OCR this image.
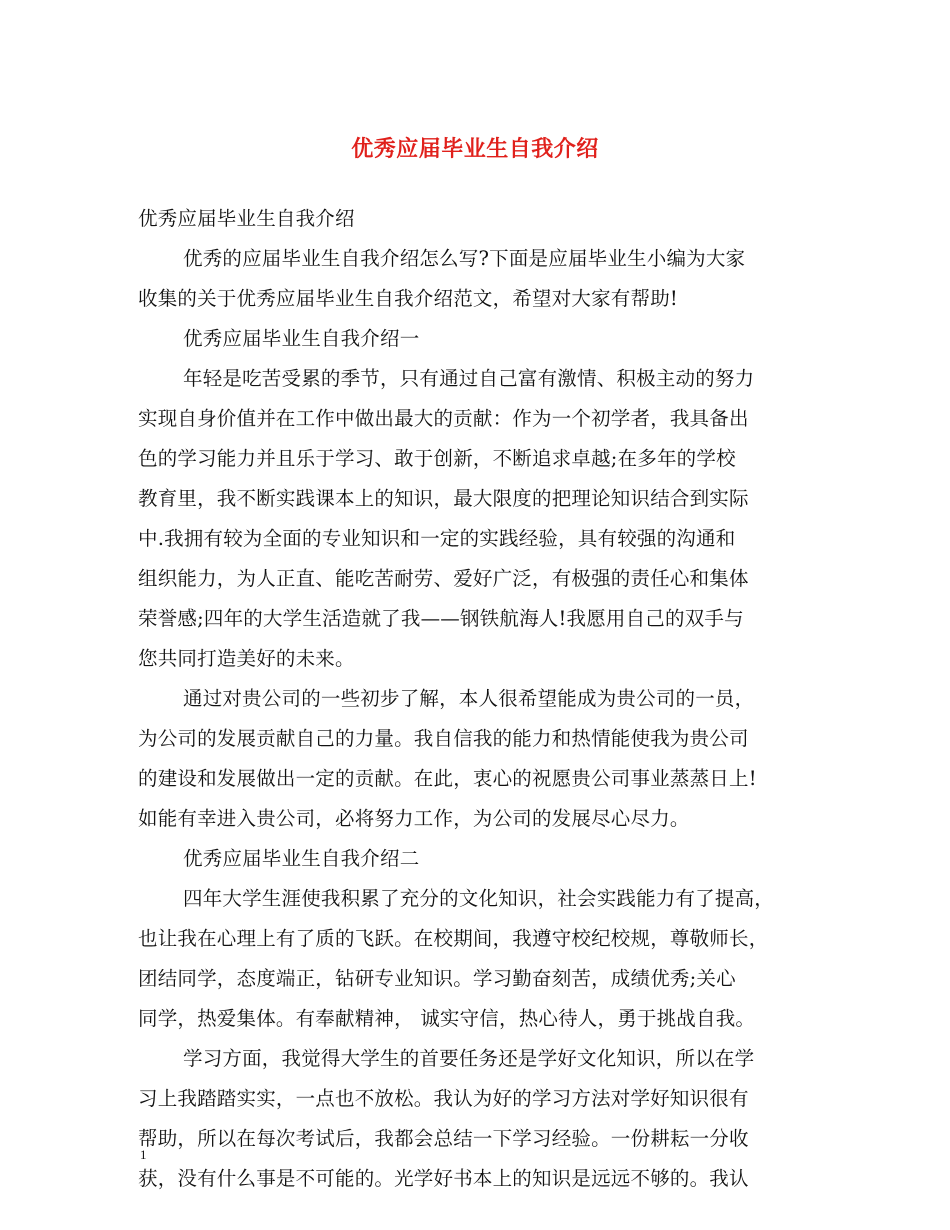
优秀应届毕业生自我介绍
优秀应届毕业生自我介绍
优秀的应届毕业生自我介绍怎么写?下面是应届毕业生小编为大家
收集的关于优秀应届毕业生自我介绍范文，希望对大家有帮助!
优秀应届毕业生自我介绍一
年轻是吃苦受累的季节，只有通过自己富有激情、积极主动的努力
实现自身价值并在工作中做出最大的贡献：作为一个初学者，我具备出
色的学习能力并且乐于学习、敢于创新，不断追求卓越;在多年的学校
教育里，我不断实践课本上的知识，最大限度的把理论知识结合到实际
中.我拥有较为全面的专业知识和一定的实践经验，具有较强的沟通和
组织能力，为人正直、能吃苦耐劳、爱好广泛，有极强的责任心和集体
荣誉感;四年的大学生活造就了我——钢铁航海人!我愿用自己的双手与
您共同打造美好的未来。
通过对贵公司的一些初步了解，本人很希望能成为贵公司的一员，
为公司的发展贡献自己的力量。我自信我的能力和热情能使我为贵公司
的建设和发展做出一定的贡献。在此，衷心的祝愿贵公司事业蒸蒸日上!
如能有幸进入贵公司，必将努力工作，为公司的发展尽心尽力。
优秀应届毕业生自我介绍二
四年大学生涯使我积累了充分的文化知识，社会实践能力有了提高，
也让我在心理上有了质的飞跃。在校期间，我遵守校纪校规，尊敬师长，
团结同学，态度端正，钻研专业知识。学习勤奋刻苦，成绩优秀;关心
同学，热爱集体。有奉献精神， 诚实守信，热心待人，勇于挑战自我。
学习方面，我觉得大学生的首要任务还是学好文化知识，所以在学
习上我踏踏实实，一点也不放松。我认为好的学习方法对学好知识很有
帮助，所以在每次考试后，我都会总结一下学习经验。一份耕耘一分收
获，没有什么事是不可能的。光学好书本上的知识是远远不够的。我认
1
